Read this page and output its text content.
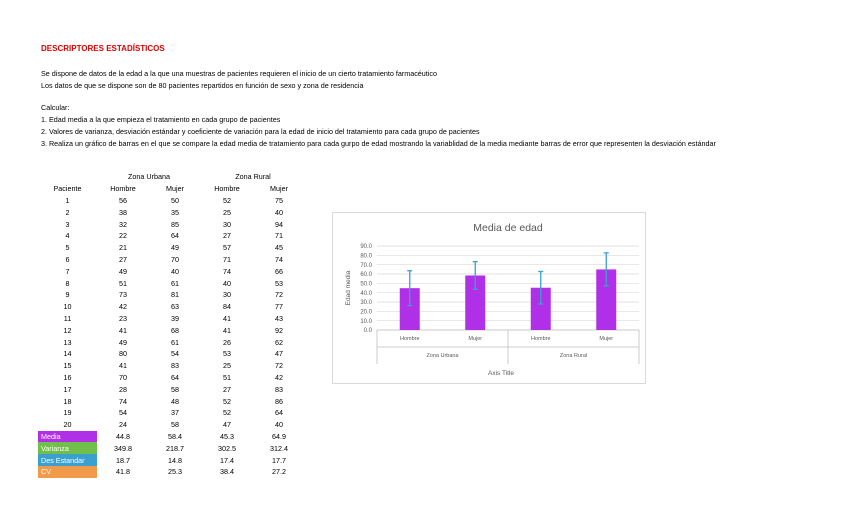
DESCRIPTORES ESTADÍSTICOS
Se dispone de datos de la edad a la que una muestras de pacientes requieren el inicio de un cierto tratamiento farmacéutico
Los datos de que se dispone son de 80 pacientes repartidos en función de sexo y zona de residencia
Calcular:
1. Edad media a la que empieza el tratamiento en cada grupo de pacientes
2. Valores de varianza, desviación estándar y coeficiente de variación para la edad de inicio del tratamiento para cada grupo de pacientes
3. Realiza un gráfico de barras en el que se compare la edad media de tratamiento para cada gurpo de edad mostrando la variablidad de la media mediante barras de error que representen la desviación estándar
	Zona Urbana		Zona Rural	
Paciente	Hombre	Mujer	Hombre	Mujer
1	56	50	52	75
2	38	35	25	40
3	32	85	30	94
4	22	64	27	71
5	21	49	57	45
6	27	70	71	74
7	49	40	74	66
8	51	61	40	53
9	73	81	30	72
10	42	63	84	77
11	23	39	41	43
12	41	68	41	92
13	49	61	26	62
14	80	54	53	47
15	41	83	25	72
16	70	64	51	42
17	28	58	27	83
18	74	48	52	86
19	54	37	52	64
20	24	58	47	40
Media	44.8	58.4	45.3	64.9
Varianza	349.8	218.7	302.5	312.4
Des Estandar	18.7	14.8	17.4	17.7
CV	41.8	25.3	38.4	27.2
Media de edad
0.0
10.0
20.0
30.0
40.0
50.0
60.0
70.0
80.0
90.0
Edad media
Hombre	Mujer	Hombre	Mujer
Zona Urbana	Zona Rural
Axis Title
